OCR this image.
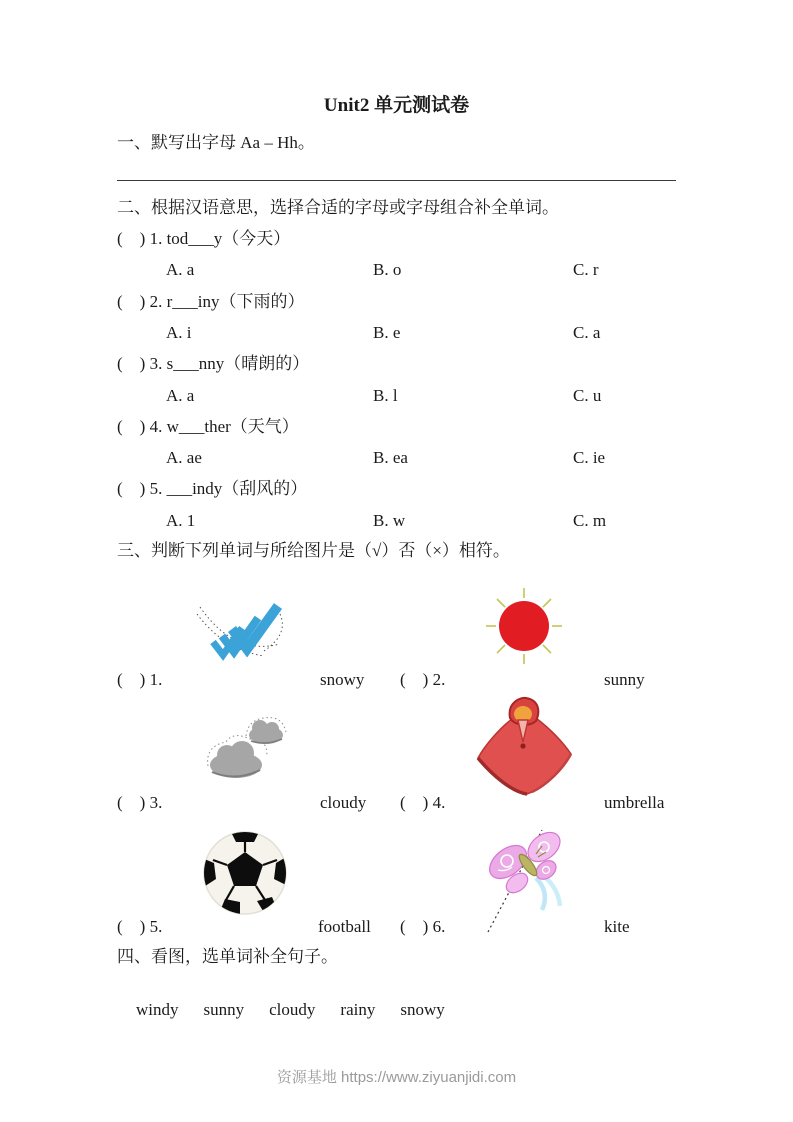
Unit2 单元测试卷
一、默写出字母 Aa – Hh。
二、根据汉语意思，选择合适的字母或字母组合补全单词。
(　) 1. tod___y（今天）
A. a	B. o	C. r
(　) 2. r___iny（下雨的）
A. i	B. e	C. a
(　) 3. s___nny（晴朗的）
A. a	B. l	C. u
(　) 4. w___ther（天气）
A. ae	B. ea	C. ie
(　) 5. ___indy（刮风的）
A. 1	B. w	C. m
三、判断下列单词与所给图片是（√）否（×）相符。
(　) 1.	snowy (　) 2.	sunny
(　) 3.	cloudy (　) 4.	umbrella
(　) 5.	football (　) 6.	kite
四、看图，选单词补全句子。

windy sunny cloudy rainy snowy

资源基地 https://www.ziyuanjidi.com
